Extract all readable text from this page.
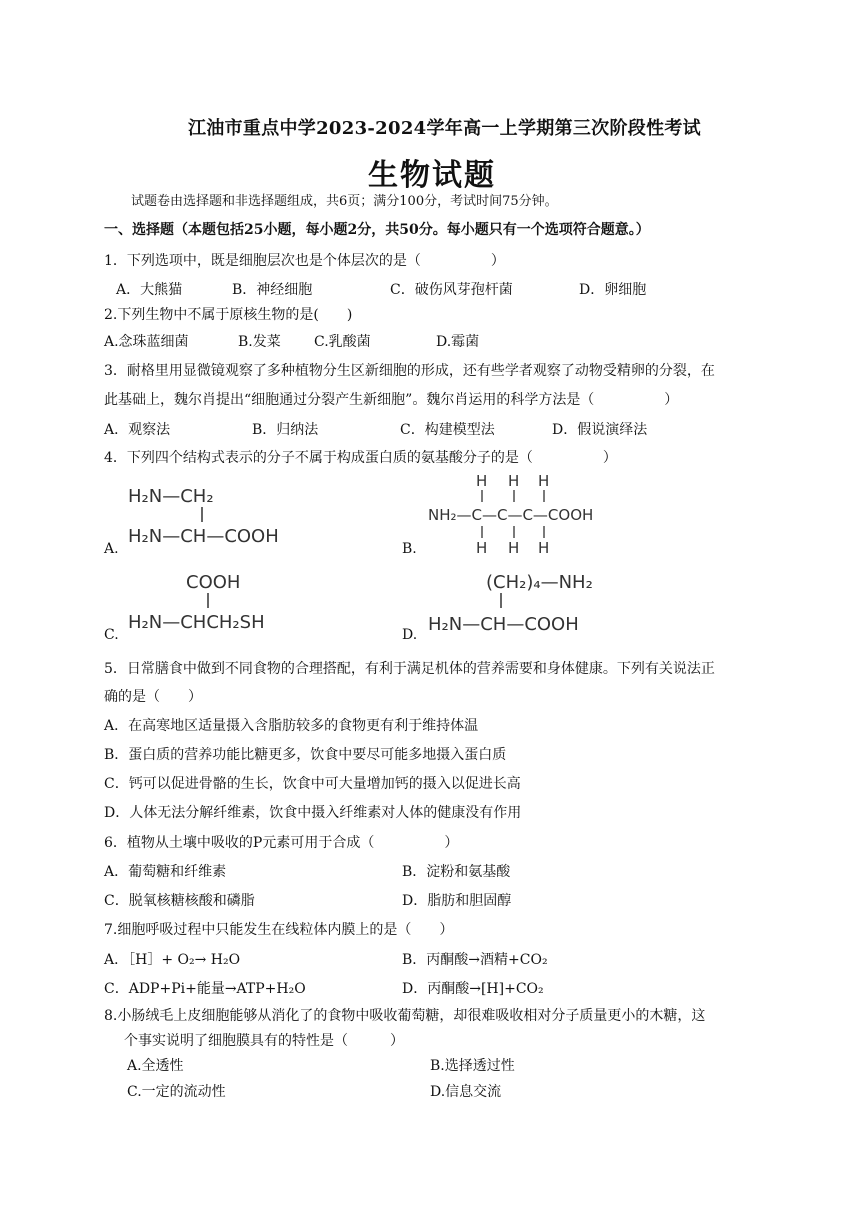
江油市重点中学2023-2024学年高一上学期第三次阶段性考试
生物试题
试题卷由选择题和非选择题组成，共6页；满分100分，考试时间75分钟。
一、选择题（本题包括25小题，每小题2分，共50分。每小题只有一个选项符合题意。）
1．下列选项中，既是细胞层次也是个体层次的是（　　　　　）
A．大熊猫	B．神经细胞	C．破伤风芽孢杆菌	D．卵细胞
2.下列生物中不属于原核生物的是(　　)
A.念珠蓝细菌	B.发菜 C.乳酸菌	D.霉菌
3．耐格里用显微镜观察了多种植物分生区新细胞的形成，还有些学者观察了动物受精卵的分裂，在
此基础上，魏尔肖提出“细胞通过分裂产生新细胞”。魏尔肖运用的科学方法是（　　　　　）
A．观察法	B．归纳法	C．构建模型法	D．假说演绎法
4．下列四个结构式表示的分子不属于构成蛋白质的氨基酸分子的是（　　　　　）
A.
H₂N—CH₂
H₂N—CH—COOH
B.
H H H
NH₂—C—C—C—COOH
H H H
C.
COOH
H₂N—CHCH₂SH
D.
(CH₂)₄—NH₂
H₂N—CH—COOH
5．日常膳食中做到不同食物的合理搭配，有利于满足机体的营养需要和身体健康。下列有关说法正
确的是（　　）
A．在高寒地区适量摄入含脂肪较多的食物更有利于维持体温
B．蛋白质的营养功能比糖更多，饮食中要尽可能多地摄入蛋白质
C．钙可以促进骨骼的生长，饮食中可大量增加钙的摄入以促进长高
D．人体无法分解纤维素，饮食中摄入纤维素对人体的健康没有作用
6．植物从土壤中吸收的P元素可用于合成（　　　　　）
A．葡萄糖和纤维素	B．淀粉和氨基酸
C．脱氧核糖核酸和磷脂	D．脂肪和胆固醇
7.细胞呼吸过程中只能发生在线粒体内膜上的是（　　）
A．［H］+ O₂→ H₂O	B．丙酮酸→酒精+CO₂
C．ADP+Pi+能量→ATP+H₂O	D．丙酮酸→[H]+CO₂
8.小肠绒毛上皮细胞能够从消化了的食物中吸收葡萄糖，却很难吸收相对分子质量更小的木糖，这
个事实说明了细胞膜具有的特性是（　　　）
A.全透性	B.选择透过性
C.一定的流动性	D.信息交流
